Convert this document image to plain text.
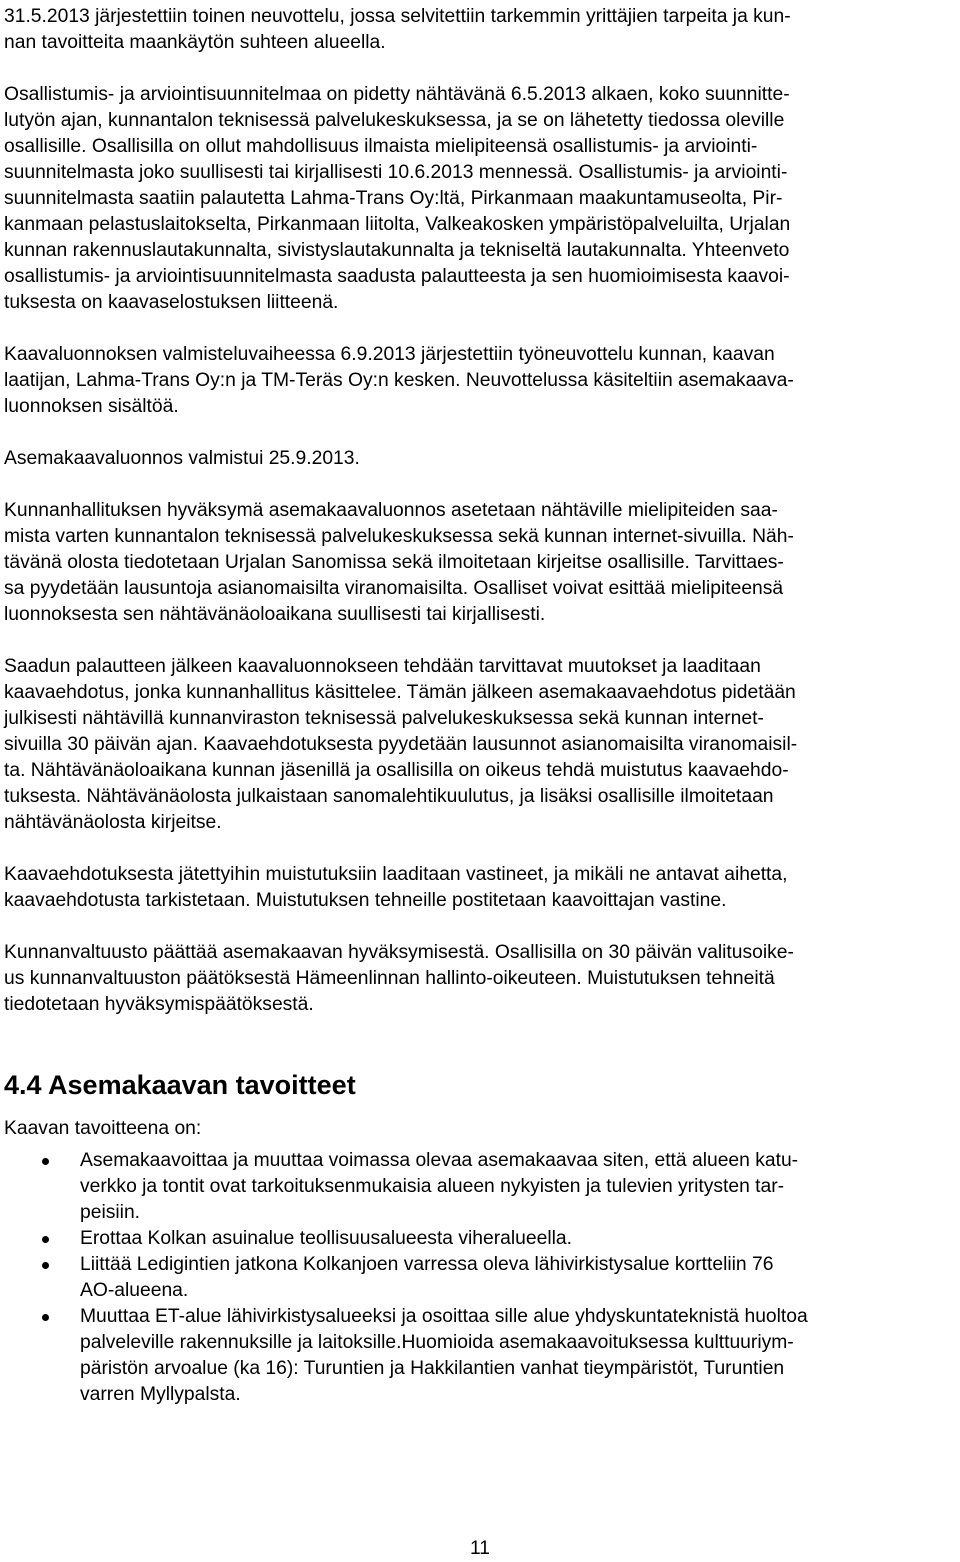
31.5.2013 järjestettiin toinen neuvottelu, jossa selvitettiin tarkemmin yrittäjien tarpeita ja kun-
nan tavoitteita maankäytön suhteen alueella.
Osallistumis- ja arviointisuunnitelmaa on pidetty nähtävänä 6.5.2013 alkaen, koko suunnitte-
lutyön ajan, kunnantalon teknisessä palvelukeskuksessa, ja se on lähetetty tiedossa oleville
osallisille. Osallisilla on ollut mahdollisuus ilmaista mielipiteensä osallistumis- ja arviointi-
suunnitelmasta joko suullisesti tai kirjallisesti 10.6.2013 mennessä. Osallistumis- ja arviointi-
suunnitelmasta saatiin palautetta Lahma-Trans Oy:ltä, Pirkanmaan maakuntamuseolta, Pir-
kanmaan pelastuslaitokselta, Pirkanmaan liitolta, Valkeakosken ympäristöpalveluilta, Urjalan
kunnan rakennuslautakunnalta, sivistyslautakunnalta ja tekniseltä lautakunnalta. Yhteenveto
osallistumis- ja arviointisuunnitelmasta saadusta palautteesta ja sen huomioimisesta kaavoi-
tuksesta on kaavaselostuksen liitteenä.
Kaavaluonnoksen valmisteluvaiheessa 6.9.2013 järjestettiin työneuvottelu kunnan, kaavan
laatijan, Lahma-Trans Oy:n ja TM-Teräs Oy:n kesken. Neuvottelussa käsiteltiin asemakaava-
luonnoksen sisältöä.
Asemakaavaluonnos valmistui 25.9.2013.
Kunnanhallituksen hyväksymä asemakaavaluonnos asetetaan nähtäville mielipiteiden saa-
mista varten kunnantalon teknisessä palvelukeskuksessa sekä kunnan internet-sivuilla. Näh-
tävänä olosta tiedotetaan Urjalan Sanomissa sekä ilmoitetaan kirjeitse osallisille. Tarvittaes-
sa pyydetään lausuntoja asianomaisilta viranomaisilta. Osalliset voivat esittää mielipiteensä
luonnoksesta sen nähtävänäoloaikana suullisesti tai kirjallisesti.
Saadun palautteen jälkeen kaavaluonnokseen tehdään tarvittavat muutokset ja laaditaan
kaavaehdotus, jonka kunnanhallitus käsittelee. Tämän jälkeen asemakaavaehdotus pidetään
julkisesti nähtävillä kunnanviraston teknisessä palvelukeskuksessa sekä kunnan internet-
sivuilla 30 päivän ajan. Kaavaehdotuksesta pyydetään lausunnot asianomaisilta viranomaisil-
ta. Nähtävänäoloaikana kunnan jäsenillä ja osallisilla on oikeus tehdä muistutus kaavaehdo-
tuksesta. Nähtävänäolosta julkaistaan sanomalehtikuulutus, ja lisäksi osallisille ilmoitetaan
nähtävänäolosta kirjeitse.
Kaavaehdotuksesta jätettyihin muistutuksiin laaditaan vastineet, ja mikäli ne antavat aihetta,
kaavaehdotusta tarkistetaan. Muistutuksen tehneille postitetaan kaavoittajan vastine.
Kunnanvaltuusto päättää asemakaavan hyväksymisestä. Osallisilla on 30 päivän valitusoike-
us kunnanvaltuuston päätöksestä Hämeenlinnan hallinto-oikeuteen. Muistutuksen tehneitä
tiedotetaan hyväksymispäätöksestä.
4.4 Asemakaavan tavoitteet
Kaavan tavoitteena on:
Asemakaavoittaa ja muuttaa voimassa olevaa asemakaavaa siten, että alueen katu-
verkko ja tontit ovat tarkoituksenmukaisia alueen nykyisten ja tulevien yritysten tar-
peisiin.
Erottaa Kolkan asuinalue teollisuusalueesta viheralueella.
Liittää Ledigintien jatkona Kolkanjoen varressa oleva lähivirkistysalue kortteliin 76
AO-alueena.
Muuttaa ET-alue lähivirkistysalueeksi ja osoittaa sille alue yhdyskuntateknistä huoltoa
palveleville rakennuksille ja laitoksille.Huomioida asemakaavoituksessa kulttuuriym-
päristön arvoalue (ka 16): Turuntien ja Hakkilantien vanhat tieympäristöt, Turuntien
varren Myllypalsta.
11
